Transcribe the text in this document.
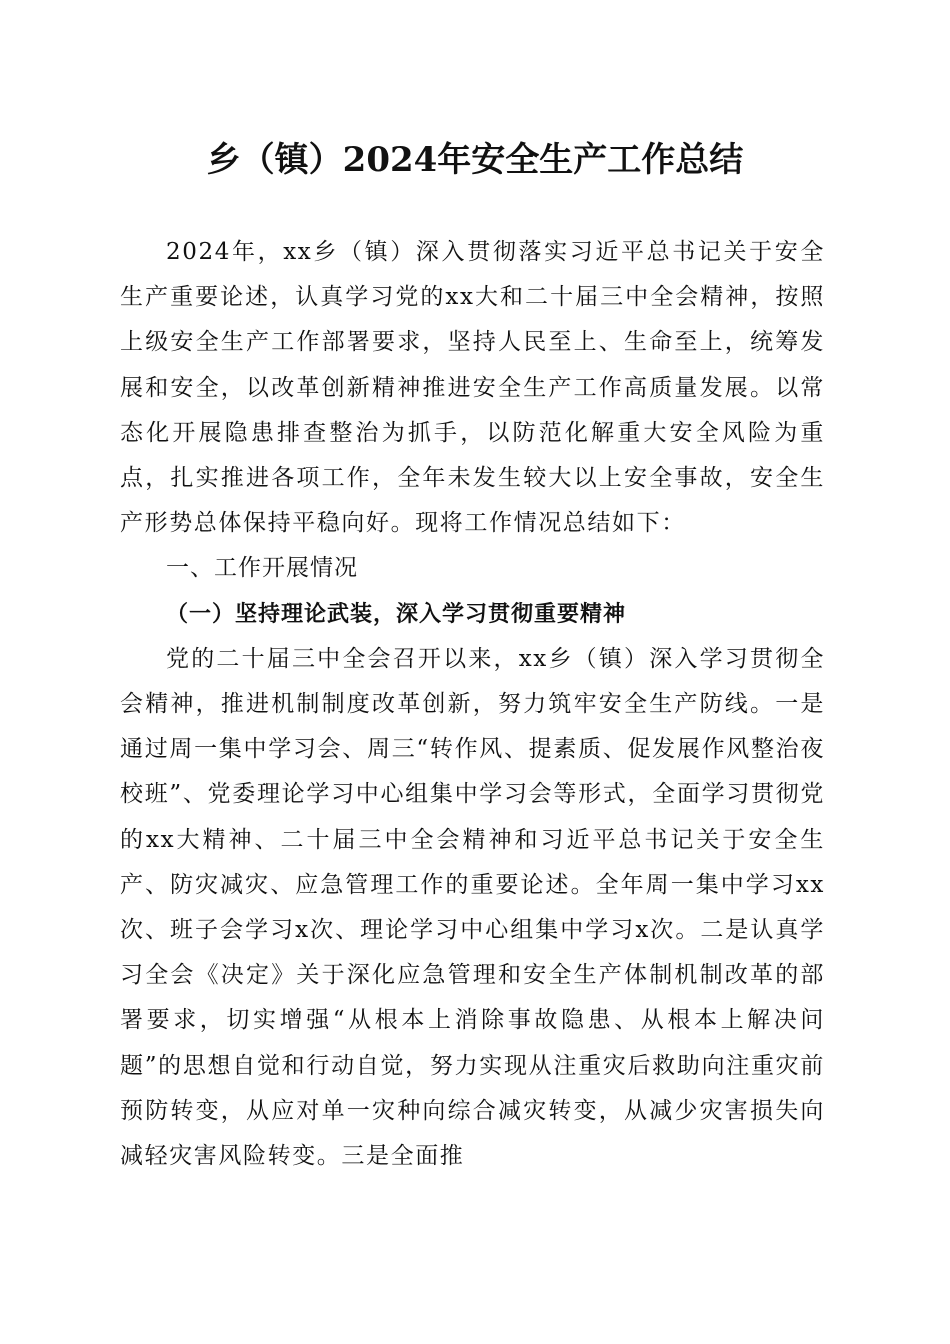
乡（镇）2024年安全生产工作总结

2024年，xx乡（镇）深入贯彻落实习近平总书记关于安全生产重要论述，认真学习党的xx大和二十届三中全会精神，按照上级安全生产工作部署要求，坚持人民至上、生命至上，统筹发展和安全，以改革创新精神推进安全生产工作高质量发展。以常态化开展隐患排查整治为抓手，以防范化解重大安全风险为重点，扎实推进各项工作，全年未发生较大以上安全事故，安全生产形势总体保持平稳向好。现将工作情况总结如下：

一、工作开展情况

（一）坚持理论武装，深入学习贯彻重要精神

党的二十届三中全会召开以来，xx乡（镇）深入学习贯彻全会精神，推进机制制度改革创新，努力筑牢安全生产防线。一是通过周一集中学习会、周三“转作风、提素质、促发展作风整治夜校班”、党委理论学习中心组集中学习会等形式，全面学习贯彻党的xx大精神、二十届三中全会精神和习近平总书记关于安全生产、防灾减灾、应急管理工作的重要论述。全年周一集中学习xx次、班子会学习x次、理论学习中心组集中学习x次。二是认真学习全会《决定》关于深化应急管理和安全生产体制机制改革的部署要求，切实增强“从根本上消除事故隐患、从根本上解决问题”的思想自觉和行动自觉，努力实现从注重灾后救助向注重灾前预防转变，从应对单一灾种向综合减灾转变，从减少灾害损失向减轻灾害风险转变。三是全面推
